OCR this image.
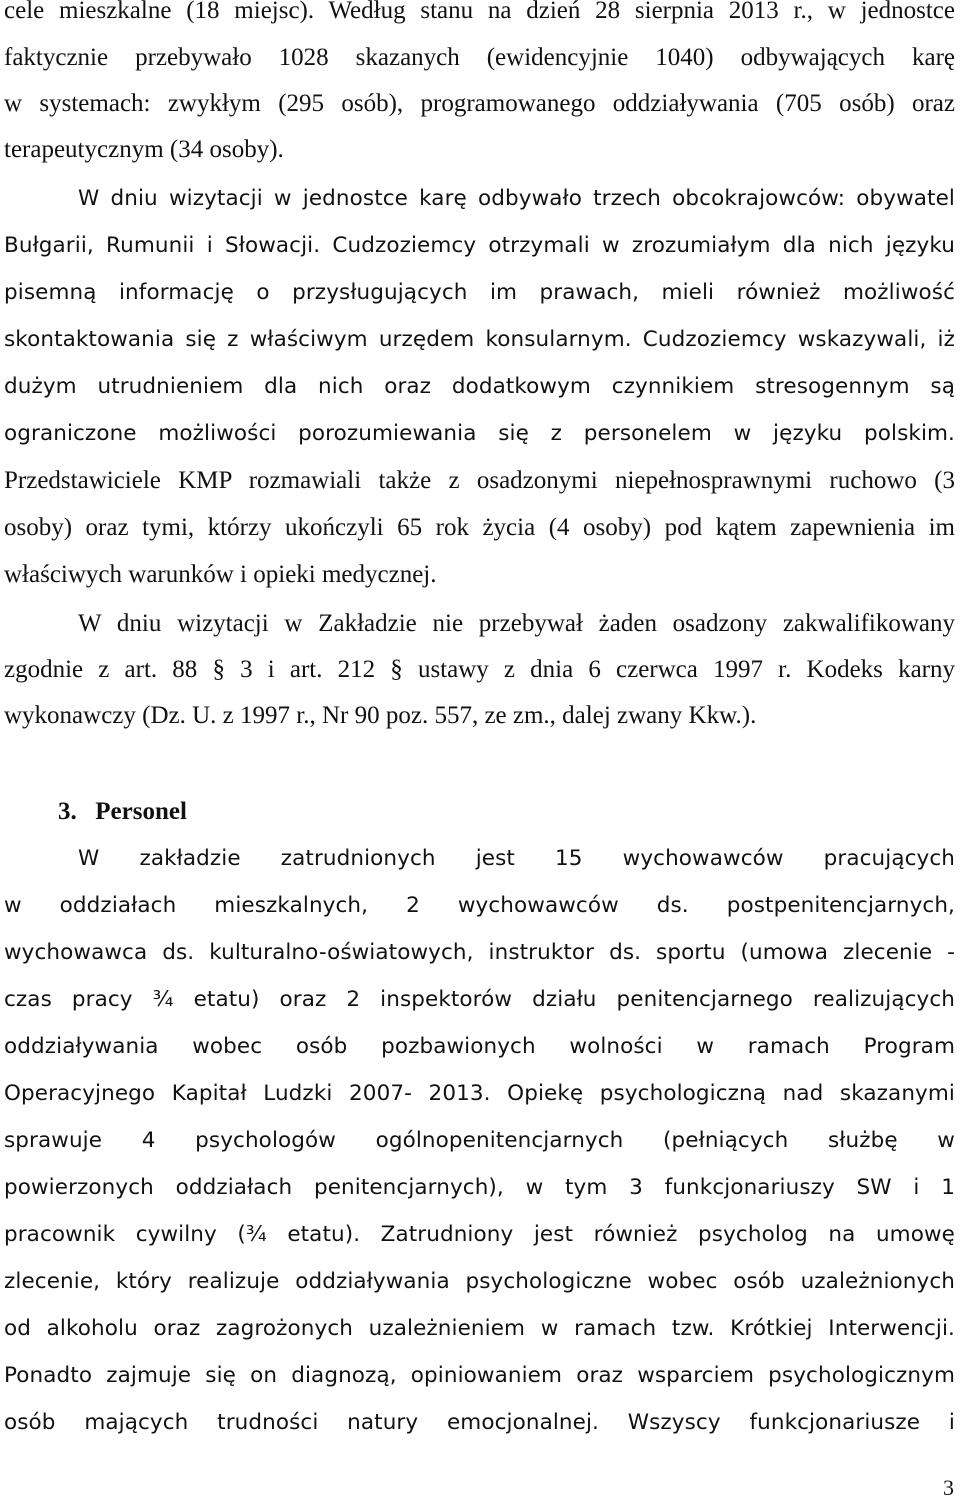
cele mieszkalne (18 miejsc). Według stanu na dzień 28 sierpnia 2013 r., w jednostce
faktycznie przebywało 1028 skazanych (ewidencyjnie 1040) odbywających karę
w systemach: zwykłym (295 osób), programowanego oddziaływania (705 osób) oraz
terapeutycznym (34 osoby).
W dniu wizytacji w jednostce karę odbywało trzech obcokrajowców: obywatel
Bułgarii, Rumunii i Słowacji. Cudzoziemcy otrzymali w zrozumiałym dla nich języku
pisemną informację o przysługujących im prawach, mieli również możliwość
skontaktowania się z właściwym urzędem konsularnym. Cudzoziemcy wskazywali, iż
dużym utrudnieniem dla nich oraz dodatkowym czynnikiem stresogennym są
ograniczone możliwości porozumiewania się z personelem w języku polskim.
Przedstawiciele KMP rozmawiali także z osadzonymi niepełnosprawnymi ruchowo (3
osoby) oraz tymi, którzy ukończyli 65 rok życia (4 osoby) pod kątem zapewnienia im
właściwych warunków i opieki medycznej.
W dniu wizytacji w Zakładzie nie przebywał żaden osadzony zakwalifikowany
zgodnie z art. 88 § 3 i art. 212 § ustawy z dnia 6 czerwca 1997 r. Kodeks karny
wykonawczy (Dz. U. z 1997 r., Nr 90 poz. 557, ze zm., dalej zwany Kkw.).
3. Personel
W zakładzie zatrudnionych jest 15 wychowawców pracujących
w oddziałach mieszkalnych, 2 wychowawców ds. postpenitencjarnych,
wychowawca ds. kulturalno-oświatowych, instruktor ds. sportu (umowa zlecenie -
czas pracy ¾ etatu) oraz 2 inspektorów działu penitencjarnego realizujących
oddziaływania wobec osób pozbawionych wolności w ramach Program
Operacyjnego Kapitał Ludzki 2007- 2013. Opiekę psychologiczną nad skazanymi
sprawuje 4 psychologów ogólnopenitencjarnych (pełniących służbę w
powierzonych oddziałach penitencjarnych), w tym 3 funkcjonariuszy SW i 1
pracownik cywilny (¾ etatu). Zatrudniony jest również psycholog na umowę
zlecenie, który realizuje oddziaływania psychologiczne wobec osób uzależnionych
od alkoholu oraz zagrożonych uzależnieniem w ramach tzw. Krótkiej Interwencji.
Ponadto zajmuje się on diagnozą, opiniowaniem oraz wsparciem psychologicznym
osób mających trudności natury emocjonalnej. Wszyscy funkcjonariusze i
3
